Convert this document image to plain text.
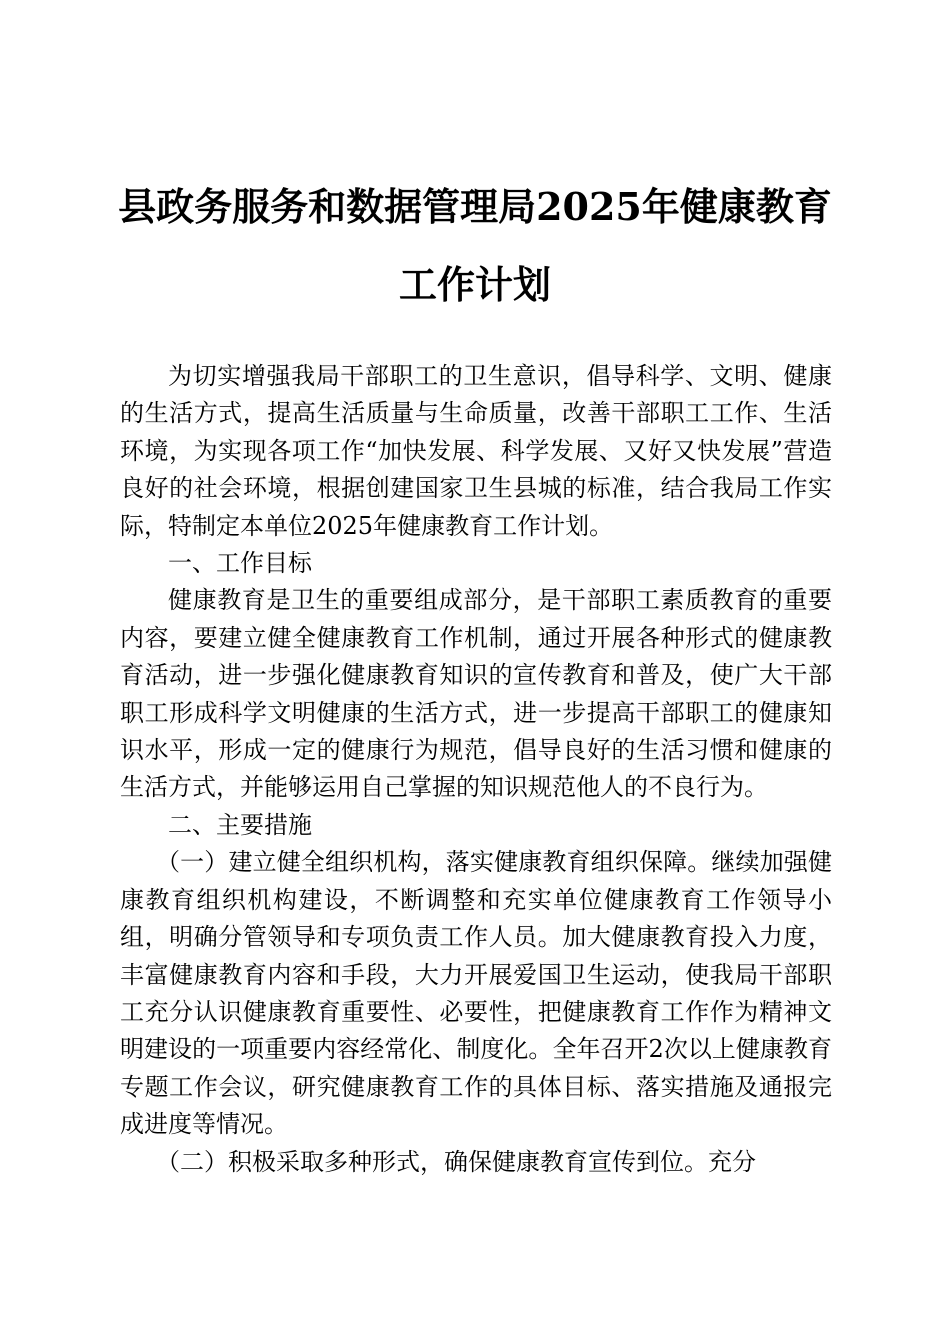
县政务服务和数据管理局2025年健康教育工作计划

为切实增强我局干部职工的卫生意识，倡导科学、文明、健康的生活方式，提高生活质量与生命质量，改善干部职工工作、生活环境，为实现各项工作“加快发展、科学发展、又好又快发展”营造良好的社会环境，根据创建国家卫生县城的标准，结合我局工作实际，特制定本单位2025年健康教育工作计划。

一、工作目标

健康教育是卫生的重要组成部分，是干部职工素质教育的重要内容，要建立健全健康教育工作机制，通过开展各种形式的健康教育活动，进一步强化健康教育知识的宣传教育和普及，使广大干部职工形成科学文明健康的生活方式，进一步提高干部职工的健康知识水平，形成一定的健康行为规范，倡导良好的生活习惯和健康的生活方式，并能够运用自己掌握的知识规范他人的不良行为。

二、主要措施

（一）建立健全组织机构，落实健康教育组织保障。继续加强健康教育组织机构建设，不断调整和充实单位健康教育工作领导小组，明确分管领导和专项负责工作人员。加大健康教育投入力度，丰富健康教育内容和手段，大力开展爱国卫生运动，使我局干部职工充分认识健康教育重要性、必要性，把健康教育工作作为精神文明建设的一项重要内容经常化、制度化。全年召开2次以上健康教育专题工作会议，研究健康教育工作的具体目标、落实措施及通报完成进度等情况。

（二）积极采取多种形式，确保健康教育宣传到位。充分
